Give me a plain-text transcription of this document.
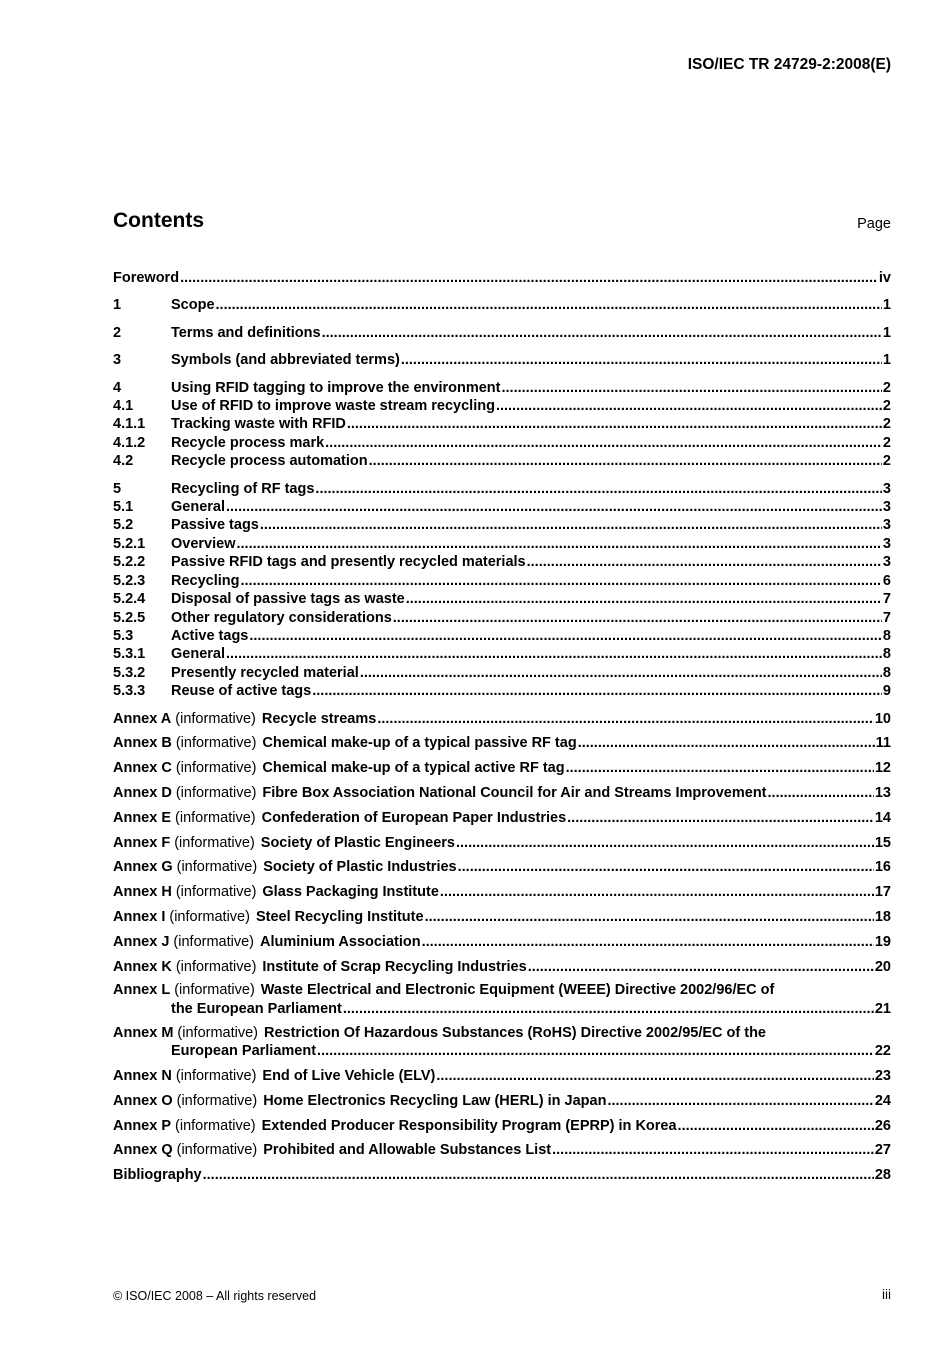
ISO/IEC TR 24729-2:2008(E)
Contents	Page
Foreword .....	iv
1	Scope .....	1
2	Terms and definitions .....	1
3	Symbols (and abbreviated terms) .....	1
4	Using RFID tagging to improve the environment .....	2
4.1	Use of RFID to improve waste stream recycling .....	2
4.1.1	Tracking waste with RFID .....	2
4.1.2	Recycle process mark .....	2
4.2	Recycle process automation .....	2
5	Recycling of RF tags .....	3
5.1	General .....	3
5.2	Passive tags .....	3
5.2.1	Overview .....	3
5.2.2	Passive RFID tags and presently recycled materials .....	3
5.2.3	Recycling .....	6
5.2.4	Disposal of passive tags as waste .....	7
5.2.5	Other regulatory considerations .....	7
5.3	Active tags .....	8
5.3.1	General .....	8
5.3.2	Presently recycled material .....	8
5.3.3	Reuse of active tags .....	9
Annex A (informative) Recycle streams .....	10
Annex B (informative) Chemical make-up of a typical passive RF tag .....	11
Annex C (informative) Chemical make-up of a typical active RF tag .....	12
Annex D (informative) Fibre Box Association National Council for Air and Streams Improvement .....	13
Annex E (informative) Confederation of European Paper Industries .....	14
Annex F (informative) Society of Plastic Engineers .....	15
Annex G (informative) Society of Plastic Industries .....	16
Annex H (informative) Glass Packaging Institute .....	17
Annex I (informative) Steel Recycling Institute .....	18
Annex J (informative) Aluminium Association .....	19
Annex K (informative) Institute of Scrap Recycling Industries .....	20
Annex L (informative) Waste Electrical and Electronic Equipment (WEEE) Directive 2002/96/EC of
the European Parliament .....	21
Annex M (informative) Restriction Of Hazardous Substances (RoHS) Directive 2002/95/EC of the
European Parliament .....	22
Annex N (informative) End of Live Vehicle (ELV) .....	23
Annex O (informative) Home Electronics Recycling Law (HERL) in Japan .....	24
Annex P (informative) Extended Producer Responsibility Program (EPRP) in Korea .....	26
Annex Q (informative) Prohibited and Allowable Substances List .....	27
Bibliography .....	28
© ISO/IEC 2008 – All rights reserved	iii
